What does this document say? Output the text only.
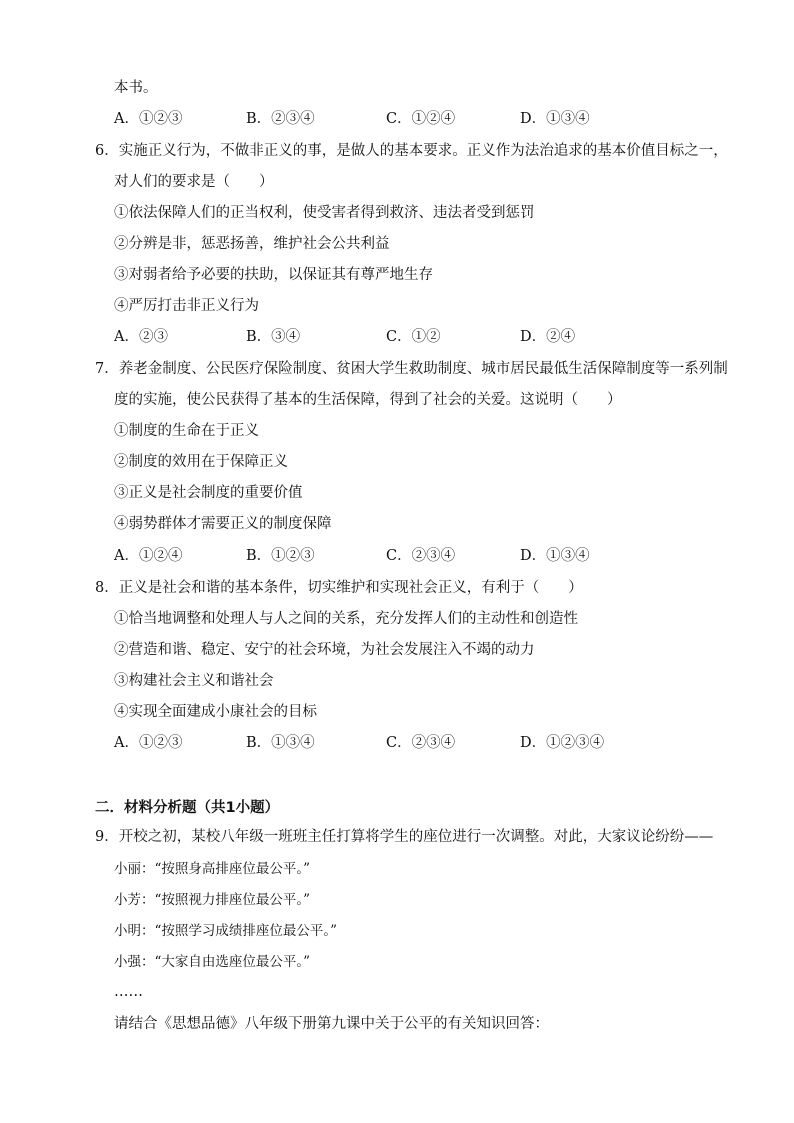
本书。
A．①②③	B．②③④	C．①②④	D．①③④
6．实施正义行为，不做非正义的事，是做人的基本要求。正义作为法治追求的基本价值目标之一，
对人们的要求是（　　）
①依法保障人们的正当权利，使受害者得到救济、违法者受到惩罚
②分辨是非，惩恶扬善，维护社会公共利益
③对弱者给予必要的扶助，以保证其有尊严地生存
④严厉打击非正义行为
A．②③	B．③④	C．①②	D．②④
7．养老金制度、公民医疗保险制度、贫困大学生救助制度、城市居民最低生活保障制度等一系列制
度的实施，使公民获得了基本的生活保障，得到了社会的关爱。这说明（　　）
①制度的生命在于正义
②制度的效用在于保障正义
③正义是社会制度的重要价值
④弱势群体才需要正义的制度保障
A．①②④	B．①②③	C．②③④	D．①③④
8．正义是社会和谐的基本条件，切实维护和实现社会正义，有利于（　　）
①恰当地调整和处理人与人之间的关系，充分发挥人们的主动性和创造性
②营造和谐、稳定、安宁的社会环境，为社会发展注入不竭的动力
③构建社会主义和谐社会
④实现全面建成小康社会的目标
A．①②③	B．①③④	C．②③④	D．①②③④
二．材料分析题（共1小题）
9．开校之初，某校八年级一班班主任打算将学生的座位进行一次调整。对此，大家议论纷纷——
小丽：“按照身高排座位最公平。”
小芳：“按照视力排座位最公平。”
小明：“按照学习成绩排座位最公平。”
小强：“大家自由选座位最公平。”
……
请结合《思想品德》八年级下册第九课中关于公平的有关知识回答：
